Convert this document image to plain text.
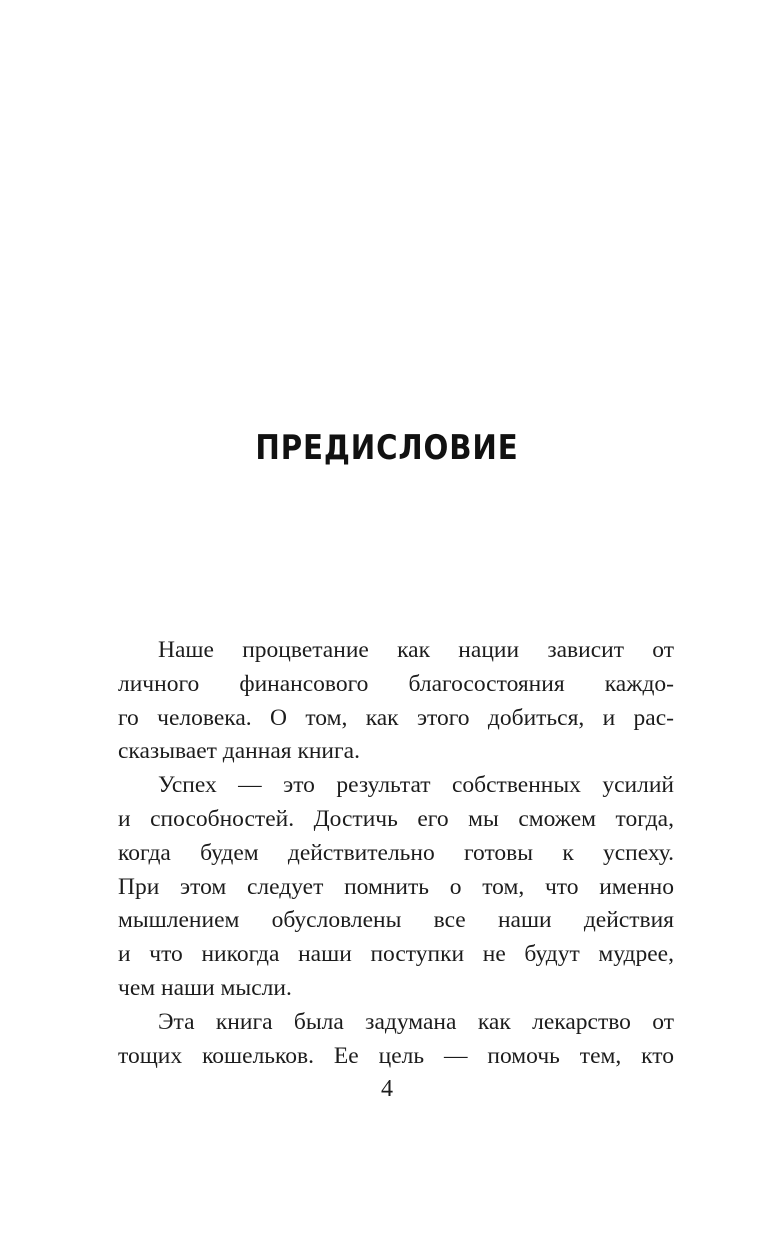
ПРЕДИСЛОВИЕ
Наше процветание как нации зависит от
личного финансового благосостояния каждо-
го человека. О том, как этого добиться, и рас-
сказывает данная книга.
Успех — это результат собственных усилий
и способностей. Достичь его мы сможем тогда,
когда будем действительно готовы к успеху.
При этом следует помнить о том, что именно
мышлением обусловлены все наши действия
и что никогда наши поступки не будут мудрее,
чем наши мысли.
Эта книга была задумана как лекарство от
тощих кошельков. Ее цель — помочь тем, кто
4
